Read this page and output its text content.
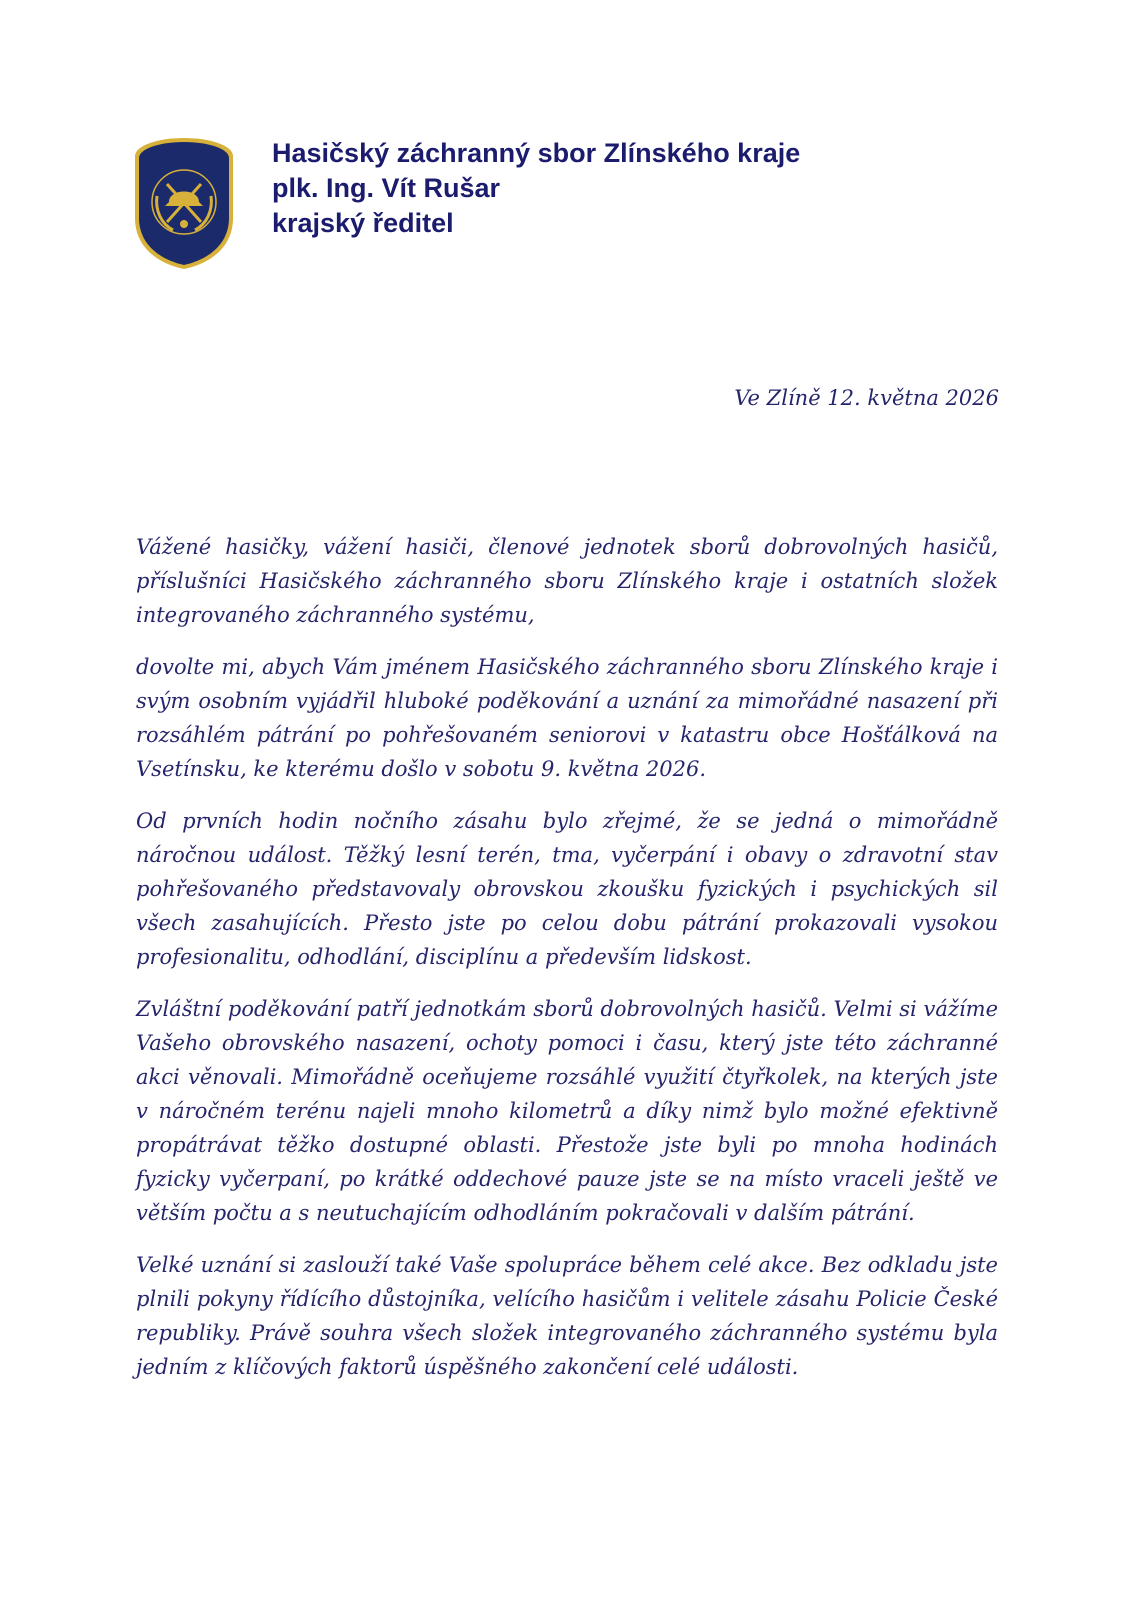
Hasičský záchranný sbor Zlínského kraje
plk. Ing. Vít Rušar
krajský ředitel
Ve Zlíně 12. května 2026

Vážené hasičky, vážení hasiči, členové jednotek sborů dobrovolných hasičů, příslušníci Hasičského záchranného sboru Zlínského kraje i ostatních složek integrovaného záchranného systému,

dovolte mi, abych Vám jménem Hasičského záchranného sboru Zlínského kraje i svým osobním vyjádřil hluboké poděkování a uznání za mimořádné nasazení při rozsáhlém pátrání po pohřešovaném seniorovi v katastru obce Hošťálková na Vsetínsku, ke kterému došlo v sobotu 9. května 2026.

Od prvních hodin nočního zásahu bylo zřejmé, že se jedná o mimořádně náročnou událost. Těžký lesní terén, tma, vyčerpání i obavy o zdravotní stav pohřešovaného představovaly obrovskou zkoušku fyzických i psychických sil všech zasahujících. Přesto jste po celou dobu pátrání prokazovali vysokou profesionalitu, odhodlání, disciplínu a především lidskost.

Zvláštní poděkování patří jednotkám sborů dobrovolných hasičů. Velmi si vážíme Vašeho obrovského nasazení, ochoty pomoci i času, který jste této záchranné akci věnovali. Mimořádně oceňujeme rozsáhlé využití čtyřkolek, na kterých jste v náročném terénu najeli mnoho kilometrů a díky nimž bylo možné efektivně propátrávat těžko dostupné oblasti. Přestože jste byli po mnoha hodinách fyzicky vyčerpaní, po krátké oddechové pauze jste se na místo vraceli ještě ve větším počtu a s neutuchajícím odhodláním pokračovali v dalším pátrání.

Velké uznání si zaslouží také Vaše spolupráce během celé akce. Bez odkladu jste plnili pokyny řídícího důstojníka, velícího hasičům i velitele zásahu Policie České republiky. Právě souhra všech složek integrovaného záchranného systému byla jedním z klíčových faktorů úspěšného zakončení celé události.
